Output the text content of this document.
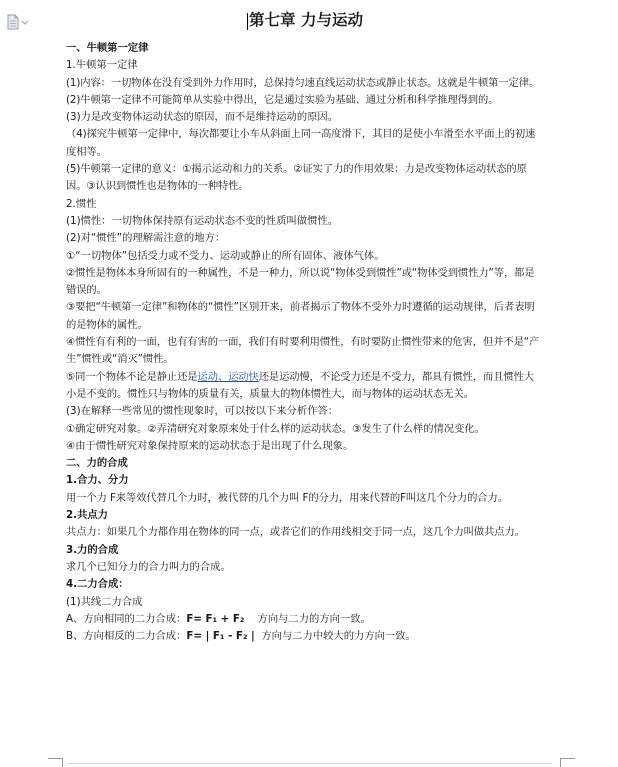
第七章 力与运动
一、牛顿第一定律
1.牛顿第一定律
(1)内容：一切物体在没有受到外力作用时，总保持匀速直线运动状态或静止状态。这就是牛顿第一定律。
(2)牛顿第一定律不可能简单从实验中得出，它是通过实验为基础、通过分析和科学推理得到的。
(3)力是改变物体运动状态的原因，而不是维持运动的原因。
（4)探究牛顿第一定律中，每次都要让小车从斜面上同一高度滑下，其目的是使小车滑至水平面上的初速度相等。
(5)牛顿第一定律的意义：①揭示运动和力的关系。②证实了力的作用效果：力是改变物体运动状态的原因。③认识到惯性也是物体的一种特性。
2.惯性
(1)惯性：一切物体保持原有运动状态不变的性质叫做惯性。
(2)对“惯性”的理解需注意的地方：
①“一切物体”包括受力或不受力、运动或静止的所有固体、液体气体。
②惯性是物体本身所固有的一种属性，不是一种力，所以说“物体受到惯性”或“物体受到惯性力”等，都是错误的。
③要把“牛顿第一定律”和物体的“惯性”区别开来，前者揭示了物体不受外力时遵循的运动规律，后者表明的是物体的属性。
④惯性有有利的一面，也有有害的一面，我们有时要利用惯性，有时要防止惯性带来的危害，但并不是“产生”惯性或“消灭”惯性。
⑤同一个物体不论是静止还是运动、运动快还是运动慢，不论受力还是不受力，都具有惯性，而且惯性大小是不变的。惯性只与物体的质量有关，质量大的物体惯性大，而与物体的运动状态无关。
(3)在解释一些常见的惯性现象时，可以按以下来分析作答：
①确定研究对象。②弄清研究对象原来处于什么样的运动状态。③发生了什么样的情况变化。
④由于惯性研究对象保持原来的运动状态于是出现了什么现象。
二、力的合成
1.合力、分力
用一个力 F来等效代替几个力时，被代替的几个力叫 F的分力，用来代替的F叫这几个分力的合力。
2.共点力
共点力：如果几个力都作用在物体的同一点，或者它们的作用线相交于同一点，这几个力叫做共点力。
3.力的合成
求几个已知分力的合力叫力的合成。
4.二力合成：
(1)共线二力合成
A、方向相同的二力合成：F= F₁ + F₂ 方向与二力的方向一致。
B、方向相反的二力合成：F= | F₁ - F₂ | 方向与二力中较大的力方向一致。
